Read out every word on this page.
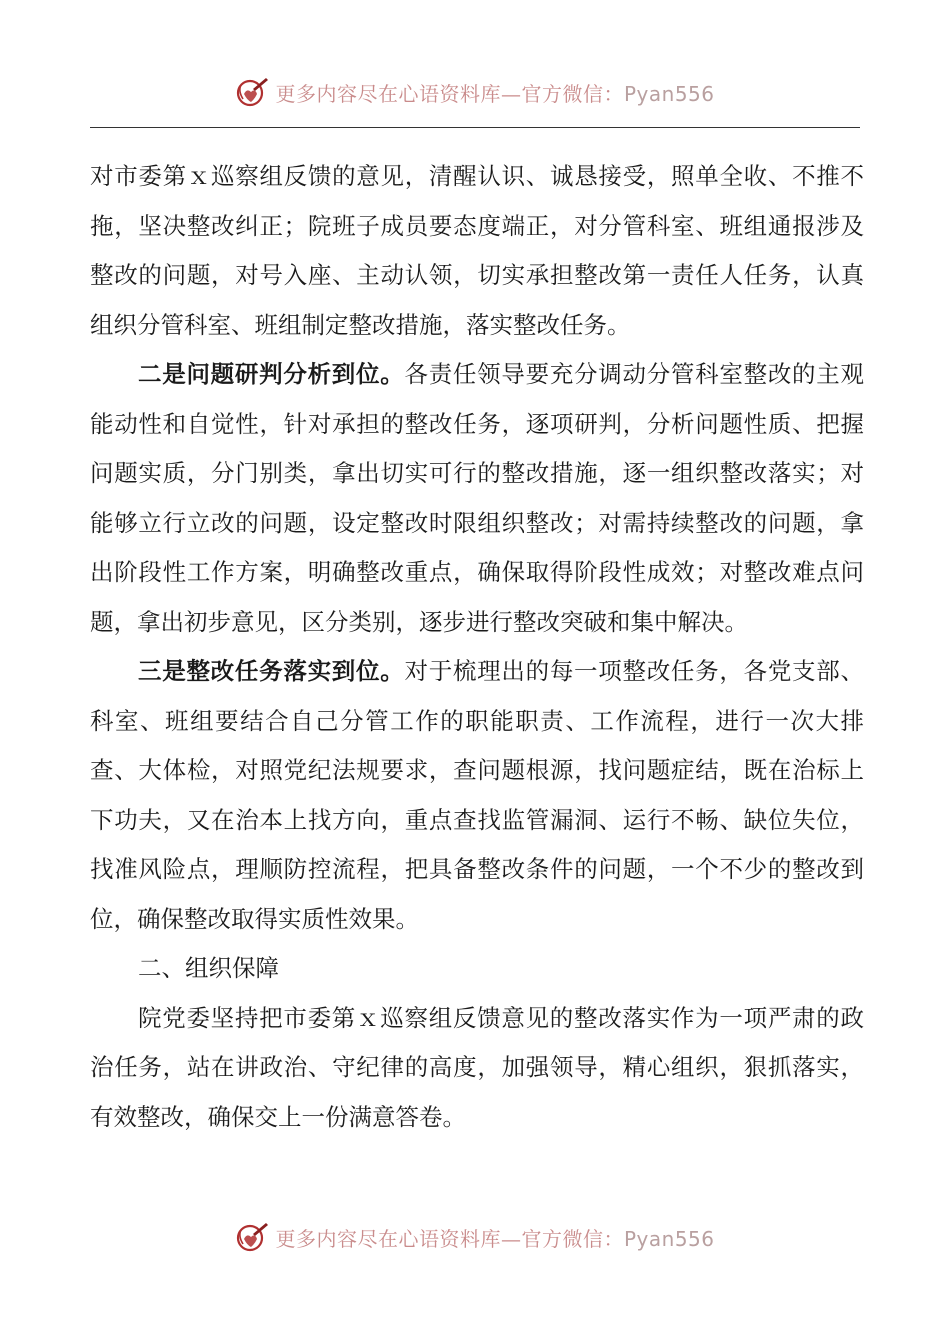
更多内容尽在心语资料库—官方微信：Pyan556

对市委第ｘ巡察组反馈的意见，清醒认识、诚恳接受，照单全收、不推不拖，坚决整改纠正；院班子成员要态度端正，对分管科室、班组通报涉及整改的问题，对号入座、主动认领，切实承担整改第一责任人任务，认真组织分管科室、班组制定整改措施，落实整改任务。

二是问题研判分析到位。各责任领导要充分调动分管科室整改的主观能动性和自觉性，针对承担的整改任务，逐项研判，分析问题性质、把握问题实质，分门别类，拿出切实可行的整改措施，逐一组织整改落实；对能够立行立改的问题，设定整改时限组织整改；对需持续整改的问题，拿出阶段性工作方案，明确整改重点，确保取得阶段性成效；对整改难点问题，拿出初步意见，区分类别，逐步进行整改突破和集中解决。

三是整改任务落实到位。对于梳理出的每一项整改任务，各党支部、科室、班组要结合自己分管工作的职能职责、工作流程，进行一次大排查、大体检，对照党纪法规要求，查问题根源，找问题症结，既在治标上下功夫，又在治本上找方向，重点查找监管漏洞、运行不畅、缺位失位，找准风险点，理顺防控流程，把具备整改条件的问题，一个不少的整改到位，确保整改取得实质性效果。

二、组织保障

院党委坚持把市委第ｘ巡察组反馈意见的整改落实作为一项严肃的政治任务，站在讲政治、守纪律的高度，加强领导，精心组织，狠抓落实，有效整改，确保交上一份满意答卷。

更多内容尽在心语资料库—官方微信：Pyan556
